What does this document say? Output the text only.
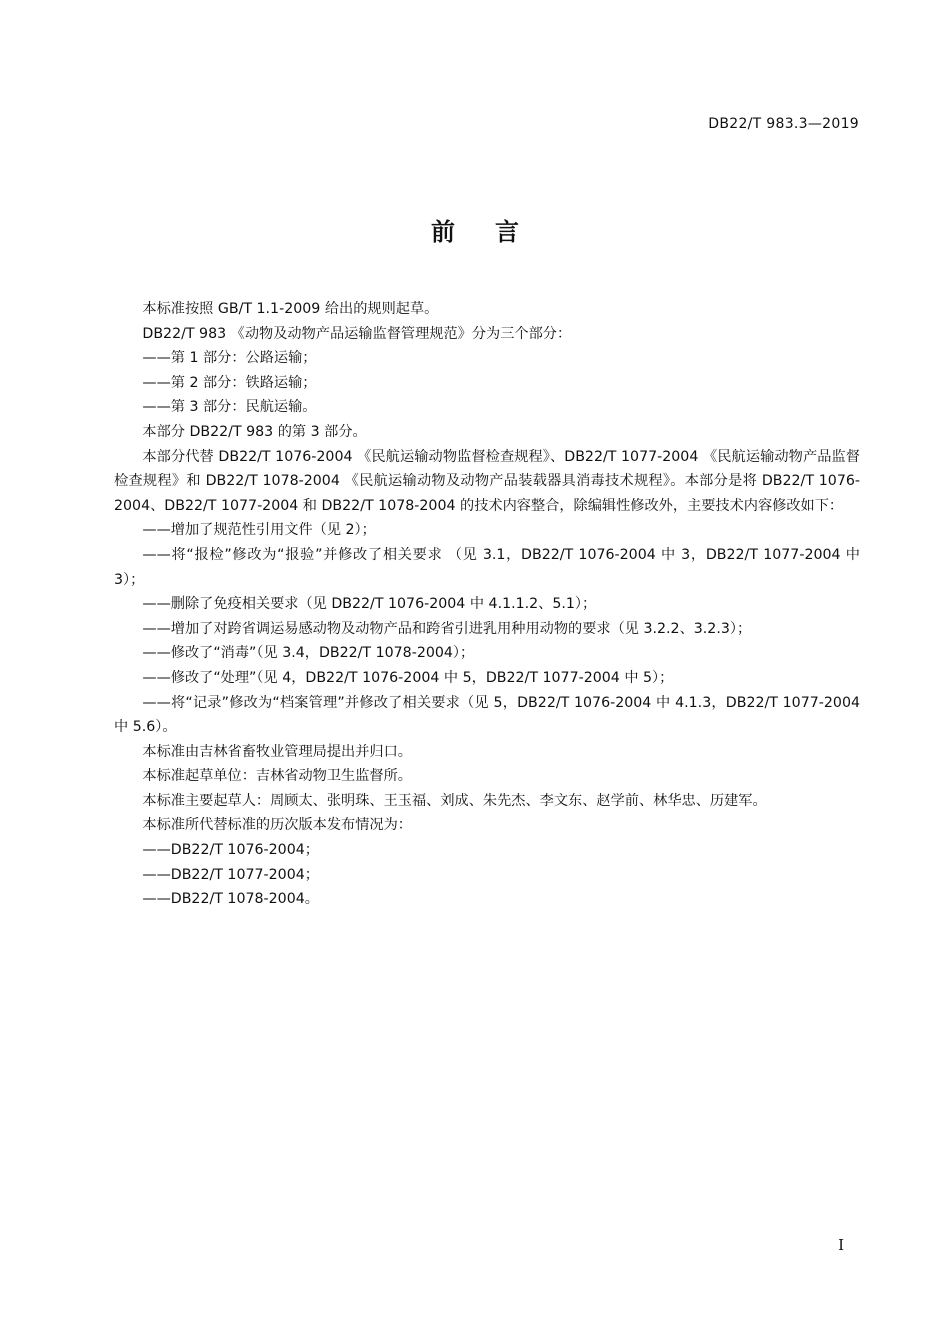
DB22/T 983.3—2019
前言

本标准按照 GB/T 1.1-2009 给出的规则起草。

DB22/T 983 《动物及动物产品运输监督管理规范》分为三个部分：

——第 1 部分：公路运输；

——第 2 部分：铁路运输；

——第 3 部分：民航运输。

本部分 DB22/T 983 的第 3 部分。

本部分代替 DB22/T 1076-2004 《民航运输动物监督检查规程》、DB22/T 1077-2004 《民航运输动物产品监督检查规程》和 DB22/T 1078-2004 《民航运输动物及动物产品装载器具消毒技术规程》。本部分是将 DB22/T 1076-2004、DB22/T 1077-2004 和 DB22/T 1078-2004 的技术内容整合，除编辑性修改外，主要技术内容修改如下：

——增加了规范性引用文件（见 2）；

——将“报检”修改为“报验”并修改了相关要求 （见 3.1，DB22/T 1076-2004 中 3，DB22/T 1077-2004 中 3）；

——删除了免疫相关要求（见 DB22/T 1076-2004 中 4.1.1.2、5.1）；

——增加了对跨省调运易感动物及动物产品和跨省引进乳用种用动物的要求（见 3.2.2、3.2.3）；

——修改了“消毒”（见 3.4，DB22/T 1078-2004）；

——修改了“处理”（见 4，DB22/T 1076-2004 中 5，DB22/T 1077-2004 中 5）；

——将“记录”修改为“档案管理”并修改了相关要求（见 5，DB22/T 1076-2004 中 4.1.3，DB22/T 1077-2004 中 5.6）。

本标准由吉林省畜牧业管理局提出并归口。

本标准起草单位：吉林省动物卫生监督所。

本标准主要起草人：周顾太、张明珠、王玉福、刘成、朱先杰、李文东、赵学前、林华忠、历建军。

本标准所代替标准的历次版本发布情况为：

——DB22/T 1076-2004；

——DB22/T 1077-2004；

——DB22/T 1078-2004。

I
